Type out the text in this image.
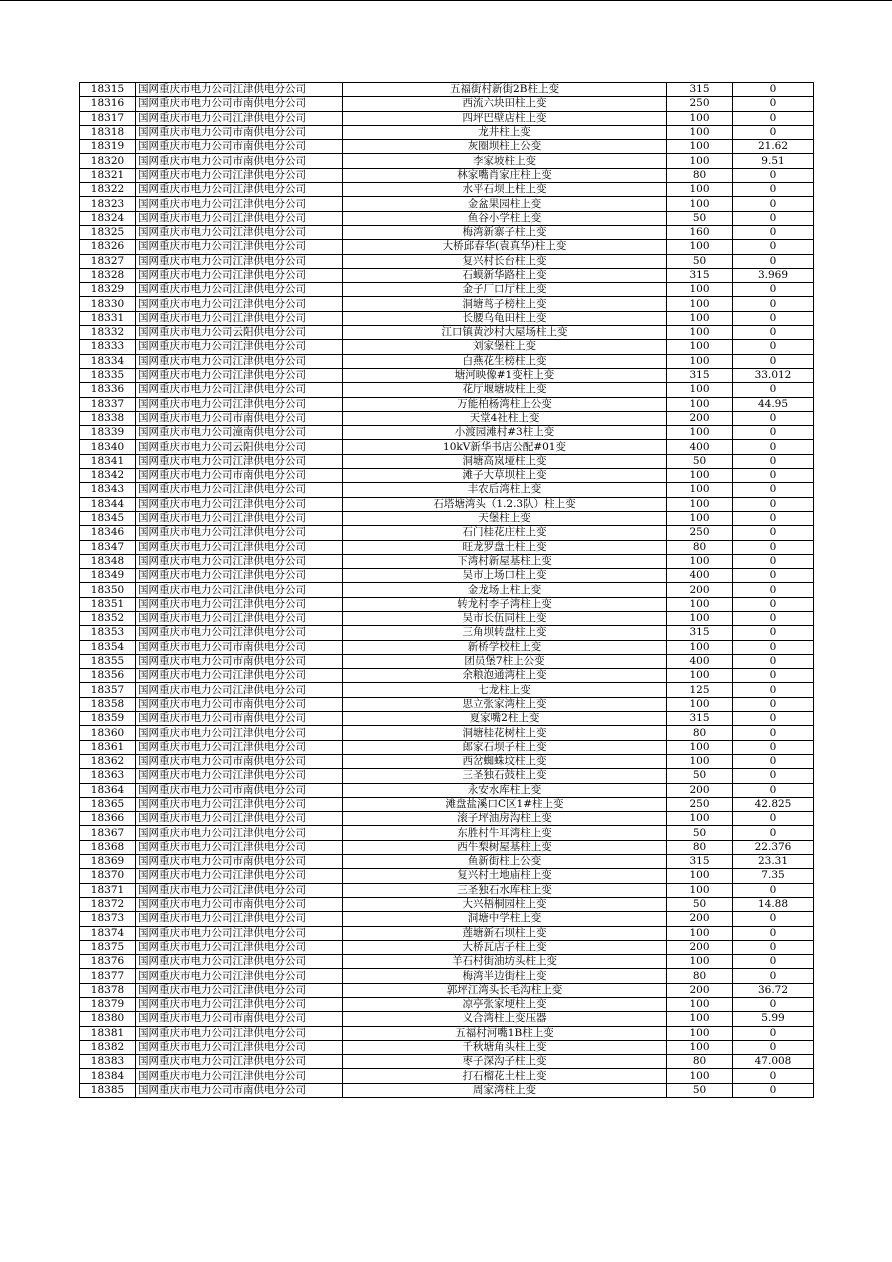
18315	国网重庆市电力公司江津供电分公司	五福街村新街2B柱上变	315	0
18316	国网重庆市电力公司市南供电分公司	西流六块田柱上变	250	0
18317	国网重庆市电力公司江津供电分公司	四坪巴壁店柱上变	100	0
18318	国网重庆市电力公司市南供电分公司	龙井柱上变	100	0
18319	国网重庆市电力公司市南供电分公司	灰圈坝柱上公变	100	21.62
18320	国网重庆市电力公司市南供电分公司	李家坡柱上变	100	9.51
18321	国网重庆市电力公司江津供电分公司	林家嘴肖家庄柱上变	80	0
18322	国网重庆市电力公司江津供电分公司	水平石坝上柱上变	100	0
18323	国网重庆市电力公司江津供电分公司	金盆果园柱上变	100	0
18324	国网重庆市电力公司江津供电分公司	鱼谷小学柱上变	50	0
18325	国网重庆市电力公司江津供电分公司	梅湾新寨子柱上变	160	0
18326	国网重庆市电力公司江津供电分公司	大桥邱春华(袁真华)柱上变	100	0
18327	国网重庆市电力公司江津供电分公司	复兴村长台柱上变	50	0
18328	国网重庆市电力公司江津供电分公司	石蟆新华路柱上变	315	3.969
18329	国网重庆市电力公司江津供电分公司	金子厂口厅柱上变	100	0
18330	国网重庆市电力公司江津供电分公司	洞塘茑子榜柱上变	100	0
18331	国网重庆市电力公司江津供电分公司	长腰乌龟田柱上变	100	0
18332	国网重庆市电力公司云阳供电分公司	江口镇黄沙村大屋场柱上变	100	0
18333	国网重庆市电力公司江津供电分公司	刘家堡柱上变	100	0
18334	国网重庆市电力公司江津供电分公司	白燕花生榜柱上变	100	0
18335	国网重庆市电力公司江津供电分公司	塘河映像#1变柱上变	315	33.012
18336	国网重庆市电力公司江津供电分公司	花厅堰塘坡柱上变	100	0
18337	国网重庆市电力公司江津供电分公司	万能柏杨湾柱上公变	100	44.95
18338	国网重庆市电力公司市南供电分公司	天堂4社柱上变	200	0
18339	国网重庆市电力公司潼南供电分公司	小渡园滩村#3柱上变	100	0
18340	国网重庆市电力公司云阳供电分公司	10kV新华书店公配#01变	400	0
18341	国网重庆市电力公司江津供电分公司	洞塘高岚垭柱上变	50	0
18342	国网重庆市电力公司市南供电分公司	滩子大草坝柱上变	100	0
18343	国网重庆市电力公司江津供电分公司	丰农后湾柱上变	100	0
18344	国网重庆市电力公司江津供电分公司	石塔塘湾头（1.2.3队）柱上变	100	0
18345	国网重庆市电力公司江津供电分公司	天堡柱上变	100	0
18346	国网重庆市电力公司江津供电分公司	石门桂花庄柱上变	250	0
18347	国网重庆市电力公司江津供电分公司	旺龙罗盘土柱上变	80	0
18348	国网重庆市电力公司江津供电分公司	下湾村新屋基柱上变	100	0
18349	国网重庆市电力公司江津供电分公司	吴市上场口柱上变	400	0
18350	国网重庆市电力公司江津供电分公司	金龙场上柱上变	200	0
18351	国网重庆市电力公司江津供电分公司	转龙村李子湾柱上变	100	0
18352	国网重庆市电力公司江津供电分公司	吴市长伍同柱上变	100	0
18353	国网重庆市电力公司江津供电分公司	三角坝转盘柱上变	315	0
18354	国网重庆市电力公司市南供电分公司	新桥学校柱上变	100	0
18355	国网重庆市电力公司市南供电分公司	团员堡7柱上公变	400	0
18356	国网重庆市电力公司江津供电分公司	余粮泡通湾柱上变	100	0
18357	国网重庆市电力公司江津供电分公司	七龙柱上变	125	0
18358	国网重庆市电力公司市南供电分公司	思立张家湾柱上变	100	0
18359	国网重庆市电力公司市南供电分公司	夏家嘴2柱上变	315	0
18360	国网重庆市电力公司江津供电分公司	洞塘桂花树柱上变	80	0
18361	国网重庆市电力公司江津供电分公司	郎家石坝子柱上变	100	0
18362	国网重庆市电力公司市南供电分公司	西岔蜘蛛坟柱上变	100	0
18363	国网重庆市电力公司江津供电分公司	三圣独石鼓柱上变	50	0
18364	国网重庆市电力公司市南供电分公司	永安水库柱上变	200	0
18365	国网重庆市电力公司江津供电分公司	滩盘盐溪口C区1#柱上变	250	42.825
18366	国网重庆市电力公司江津供电分公司	滚子坪油房沟柱上变	100	0
18367	国网重庆市电力公司江津供电分公司	东胜村牛耳湾柱上变	50	0
18368	国网重庆市电力公司江津供电分公司	西牛梨树屋基柱上变	80	22.376
18369	国网重庆市电力公司市南供电分公司	鱼新街柱上公变	315	23.31
18370	国网重庆市电力公司江津供电分公司	复兴村土地庙柱上变	100	7.35
18371	国网重庆市电力公司江津供电分公司	三圣独石水库柱上变	100	0
18372	国网重庆市电力公司市南供电分公司	大兴梧桐园柱上变	50	14.88
18373	国网重庆市电力公司江津供电分公司	洞塘中学柱上变	200	0
18374	国网重庆市电力公司江津供电分公司	莲塘新石坝柱上变	100	0
18375	国网重庆市电力公司江津供电分公司	大桥瓦店子柱上变	200	0
18376	国网重庆市电力公司江津供电分公司	羊石村街油坊头柱上变	100	0
18377	国网重庆市电力公司江津供电分公司	梅湾半边街柱上变	80	0
18378	国网重庆市电力公司江津供电分公司	郭坪江湾头长毛沟柱上变	200	36.72
18379	国网重庆市电力公司江津供电分公司	凉亭张家埂柱上变	100	0
18380	国网重庆市电力公司市南供电分公司	义合湾柱上变压器	100	5.99
18381	国网重庆市电力公司江津供电分公司	五福村河嘴1B柱上变	100	0
18382	国网重庆市电力公司江津供电分公司	千秋塘角头柱上变	100	0
18383	国网重庆市电力公司江津供电分公司	枣子深沟子柱上变	80	47.008
18384	国网重庆市电力公司江津供电分公司	打石榴花土柱上变	100	0
18385	国网重庆市电力公司市南供电分公司	周家湾柱上变	50	0
